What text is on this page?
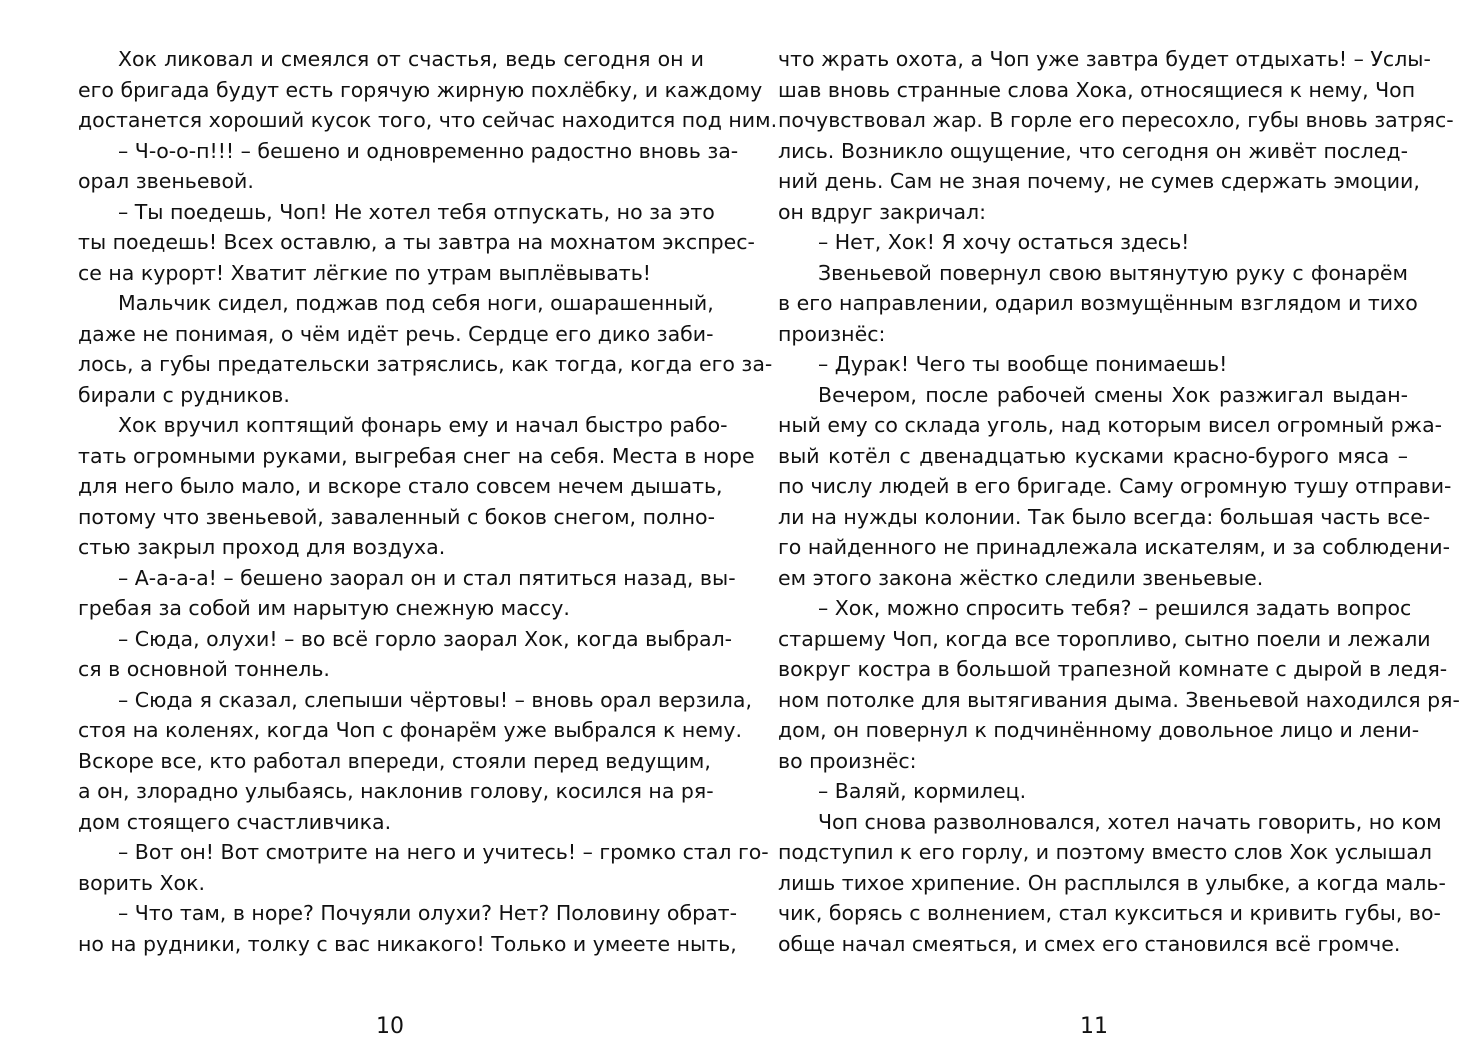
Хок ликовал и смеялся от счастья, ведь сегодня он и
его бригада будут есть горячую жирную похлёбку, и каждому
достанется хороший кусок того, что сейчас находится под ним.
– Ч-о-о-п!!! – бешено и одновременно радостно вновь за-
орал звеньевой.
– Ты поедешь, Чоп! Не хотел тебя отпускать, но за это
ты поедешь! Всех оставлю, а ты завтра на мохнатом экспрес-
се на курорт! Хватит лёгкие по утрам выплёвывать!
Мальчик сидел, поджав под себя ноги, ошарашенный,
даже не понимая, о чём идёт речь. Сердце его дико заби-
лось, а губы предательски затряслись, как тогда, когда его за-
бирали с рудников.
Хок вручил коптящий фонарь ему и начал быстро рабо-
тать огромными руками, выгребая снег на себя. Места в норе
для него было мало, и вскоре стало совсем нечем дышать,
потому что звеньевой, заваленный с боков снегом, полно-
стью закрыл проход для воздуха.
– А-а-а-а! – бешено заорал он и стал пятиться назад, вы-
гребая за собой им нарытую снежную массу.
– Сюда, олухи! – во всё горло заорал Хок, когда выбрал-
ся в основной тоннель.
– Сюда я сказал, слепыши чёртовы! – вновь орал верзила,
стоя на коленях, когда Чоп с фонарём уже выбрался к нему.
Вскоре все, кто работал впереди, стояли перед ведущим,
а он, злорадно улыбаясь, наклонив голову, косился на ря-
дом стоящего счастливчика.
– Вот он! Вот смотрите на него и учитесь! – громко стал го-
ворить Хок.
– Что там, в норе? Почуяли олухи? Нет? Половину обрат-
но на рудники, толку с вас никакого! Только и умеете ныть,
что жрать охота, а Чоп уже завтра будет отдыхать! – Услы-
шав вновь странные слова Хока, относящиеся к нему, Чоп
почувствовал жар. В горле его пересохло, губы вновь затряс-
лись. Возникло ощущение, что сегодня он живёт послед-
ний день. Сам не зная почему, не сумев сдержать эмоции,
он вдруг закричал:
– Нет, Хок! Я хочу остаться здесь!
Звеньевой повернул свою вытянутую руку с фонарём
в его направлении, одарил возмущённым взглядом и тихо
произнёс:
– Дурак! Чего ты вообще понимаешь!
Вечером, после рабочей смены Хок разжигал выдан-
ный ему со склада уголь, над которым висел огромный ржа-
вый котёл с двенадцатью кусками красно-бурого мяса –
по числу людей в его бригаде. Саму огромную тушу отправи-
ли на нужды колонии. Так было всегда: большая часть все-
го найденного не принадлежала искателям, и за соблюдени-
ем этого закона жёстко следили звеньевые.
– Хок, можно спросить тебя? – решился задать вопрос
старшему Чоп, когда все торопливо, сытно поели и лежали
вокруг костра в большой трапезной комнате с дырой в ледя-
ном потолке для вытягивания дыма. Звеньевой находился ря-
дом, он повернул к подчинённому довольное лицо и лени-
во произнёс:
– Валяй, кормилец.
Чоп снова разволновался, хотел начать говорить, но ком
подступил к его горлу, и поэтому вместо слов Хок услышал
лишь тихое хрипение. Он расплылся в улыбке, а когда маль-
чик, борясь с волнением, стал кукситься и кривить губы, во-
обще начал смеяться, и смех его становился всё громче.
10	11
